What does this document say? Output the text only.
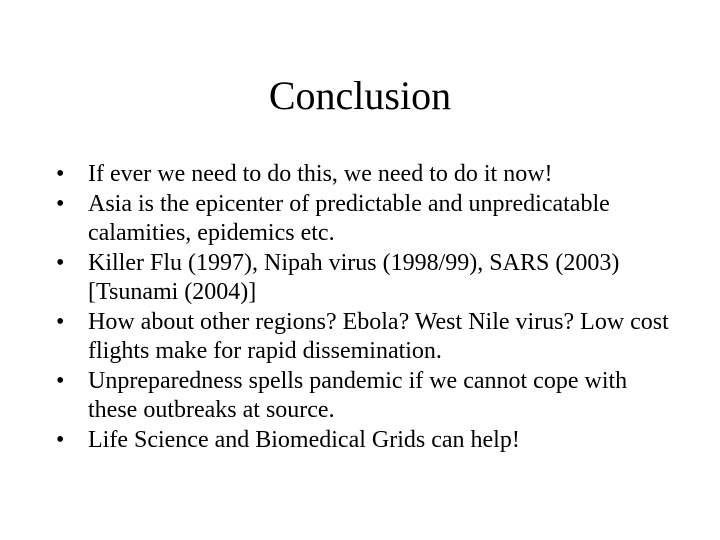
Conclusion
• If ever we need to do this, we need to do it now!
• Asia is the epicenter of predictable and unpredicatable calamities, epidemics etc.
• Killer Flu (1997), Nipah virus (1998/99), SARS (2003) [Tsunami (2004)]
• How about other regions? Ebola? West Nile virus? Low cost flights make for rapid dissemination.
• Unpreparedness spells pandemic if we cannot cope with these outbreaks at source.
• Life Science and Biomedical Grids can help!
